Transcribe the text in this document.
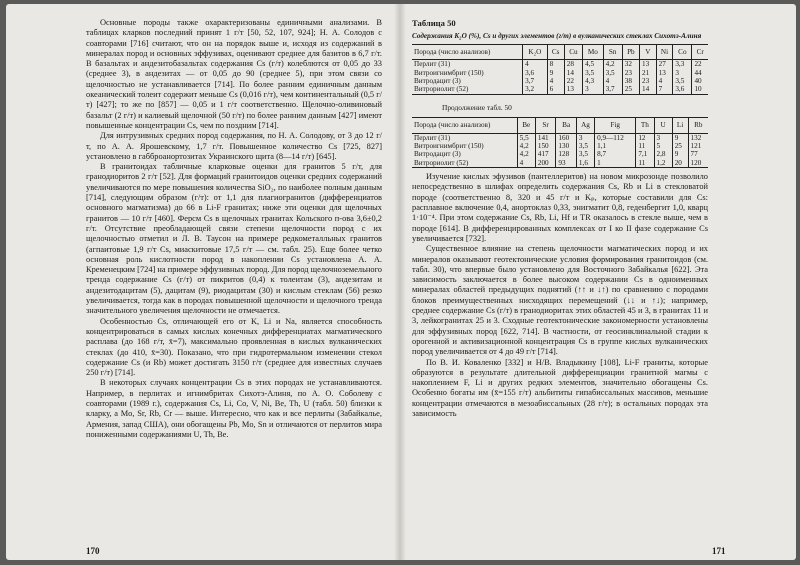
Основные породы также охарактеризованы единичными анализами. В таблицах кларков последний принят 1 г/т [50, 52, 107, 924]; Н. А. Солодов с соавторами [716] считают, что он на порядок выше и, исходя из содержаний в минералах пород и основных эффузивах, оценивают среднее для базитов в 6,7 г/т. В базальтах и андезитобазальтах содержания Cs (г/т) колеблются от 0,05 до 33 (среднее 3), в андезитах — от 0,05 до 90 (среднее 5), при этом связи со щелочностью не устанавливается [714]. По более ранним единичным данным океанический толеит содержит меньше Cs (0,016 г/т), чем континентальный (0,5 г/т) [427]; то же по [857] — 0,05 и 1 г/т соответственно. Щелочно-оливиновый базальт (2 г/т) и калиевый щелочной (50 г/т) по более ранним данным [427] имеют повышенные концентрации Cs, чем по поздним [714].

Для интрузивных средних пород содержания, по Н. А. Солодову, от 3 до 12 г/т, по А. А. Ярошевскому, 1,7 г/т. Повышенное количество Cs [725, 827] установлено в габброанортозитах Украинского щита (8—14 г/т) [645].

В гранитоидах табличные кларковые оценки для гранитов 5 г/т, для гранодиоритов 2 г/т [52]. Для формаций гранитоидов оценки средних содержаний увеличиваются по мере повышения количества SiO₂, по наиболее полным данным [714], следующим образом (г/т): от 1,1 для плагиогранитов (дифференциатов основного магматизма) до 66 в Li-F гранитах; ниже эти оценки для щелочных гранитов — 10 г/т [460]. Ферсм Cs в щелочных гранитах Кольского п-ова 3,6±0,2 г/т. Отсутствие преобладающей связи степени щелочности пород с их щелочностью отметил и Л. В. Таусон на примере редкометалльных гранитов (агпаитовые 1,9 г/т Cs, миаскитовые 17,5 г/т — см. табл. 25). Еще более четко основная роль кислотности пород в накоплении Cs установлена А. А. Кременецким [724] на примере эффузивных пород. Для пород щелочноземельного тренда содержание Cs (г/т) от пикритов (0,4) к толеитам (3), андезитам и андезитодацитам (5), дацитам (9), риодацитам (30) и кислым стеклам (56) резко увеличивается, тогда как в породах повышенной щелочности и щелочного тренда значительного увеличения щелочности не отмечается.

Особенностью Cs, отличающей его от K, Li и Na, является способность концентрироваться в самых кислых конечных дифференциатах магматического расплава (до 168 г/т, x̄=7), максимально проявленная в кислых вулканических стеклах (до 410, x̄=30). Показано, что при гидротермальном изменении стекол содержание Cs (и Rb) может достигать 3150 г/т (среднее для известных случаев 250 г/т) [714].

В некоторых случаях концентрации Cs в этих породах не устанавливаются. Например, в перлитах и игнимбритах Сихотэ-Алиня, по А. О. Соболеву с соавторами (1989 г.), содержания Cs, Li, Co, V, Ni, Be, Th, U (табл. 50) близки к кларку, а Mo, Sr, Rb, Cr — выше. Интересно, что как и все перлиты (Забайкалье, Армения, запад США), они обогащены Pb, Mo, Sn и отличаются от перлитов мира пониженными содержаниями U, Th, Be.

Таблица 50
Содержания K₂O (%), Cs и других элементов (г/т) в вулканических стеклах Сихотэ-Алиня
Порода (число анализов)	K₂O	Cs	Cu	Mo	Sn	Pb	V	Ni	Co	Cr
Перлит (31)	4	8	28	4,5	4,2	32	13	27	3,3	22
Витроигнимбрит (150)	3,6	9	14	3,5	3,5	23	21	13	3	44
Витродацит (3)	3,7	4	22	4,3	4	38	23	4	3,5	40
Витрориолит (52)	3,2	6	13	3	3,7	25	14	7	3,6	10
Продолжение табл. 50
Порода (число анализов)	Be	Sr	Ba	Ag	Fig	Th	U	Li	Rb
Перлит (31)	5,5	141	160	3	0,9—112	12	3	9	132
Витроигнимбрит (150)	4,2	150	130	3,5	1,1	11	5	25	121
Витродацит (3)	4,2	417	128	3,5	8,7	7,1	2,8	9	77
Витрориолит (52)	4	200	93	1,6	1	11	1,2	20	120

Изучение кислых эфузивов (пантеллеритов) на новом микрозонде позволило непосредственно в шлифах определить содержания Cs, Rb и Li в стекловатой породе (соответственно 8, 320 и 45 г/т и Kₚ, которые составили для Cs: расплавное включение 0,4, анортоклаз 0,33, энигматит 0,8, геденбергит 1,0, кварц 1·10⁻⁴. При этом содержание Cs, Rb, Li, Hf и TR оказалось в стекле выше, чем в породе [614]. В дифференцированных комплексах от I ко II фазе содержание Cs увеличивается [732].

Существенное влияние на степень щелочности магматических пород и их минералов оказывают геотектонические условия формирования гранитоидов (см. табл. 30), что впервые было установлено для Восточного Забайкалья [622]. Эта зависимость заключается в более высоком содержании Cs в одноименных минералах областей предыдущих поднятий (↑↑ и ↓↑) по сравнению с породами блоков преимущественных нисходящих перемещений (↓↓ и ↑↓); например, среднее содержание Cs (г/т) в гранодиоритах этих областей 45 и 3, в гранитах 11 и 3, лейкогранитах 25 и 3. Сходные геотектонические закономерности установлены для эффузивных пород [622, 714]. В частности, от геосинклинальной стадии к орогенной и активизационной концентрация Cs в группе кислых вулканических пород увеличивается от 4 до 49 г/т [714].

По В. И. Коваленко [332] и Н/В. Владыкину [108], Li-F граниты, которые образуются в результате длительной дифференциации гранитной магмы с накоплением F, Li и других редких элементов, значительно обогащены Cs. Особенно богаты им (x̄=155 г/т) альбититы гипабиссальных массивов, меньшие концентрации отмечаются в мезоабиссальных (28 г/т); в остальных породах эта зависимость
